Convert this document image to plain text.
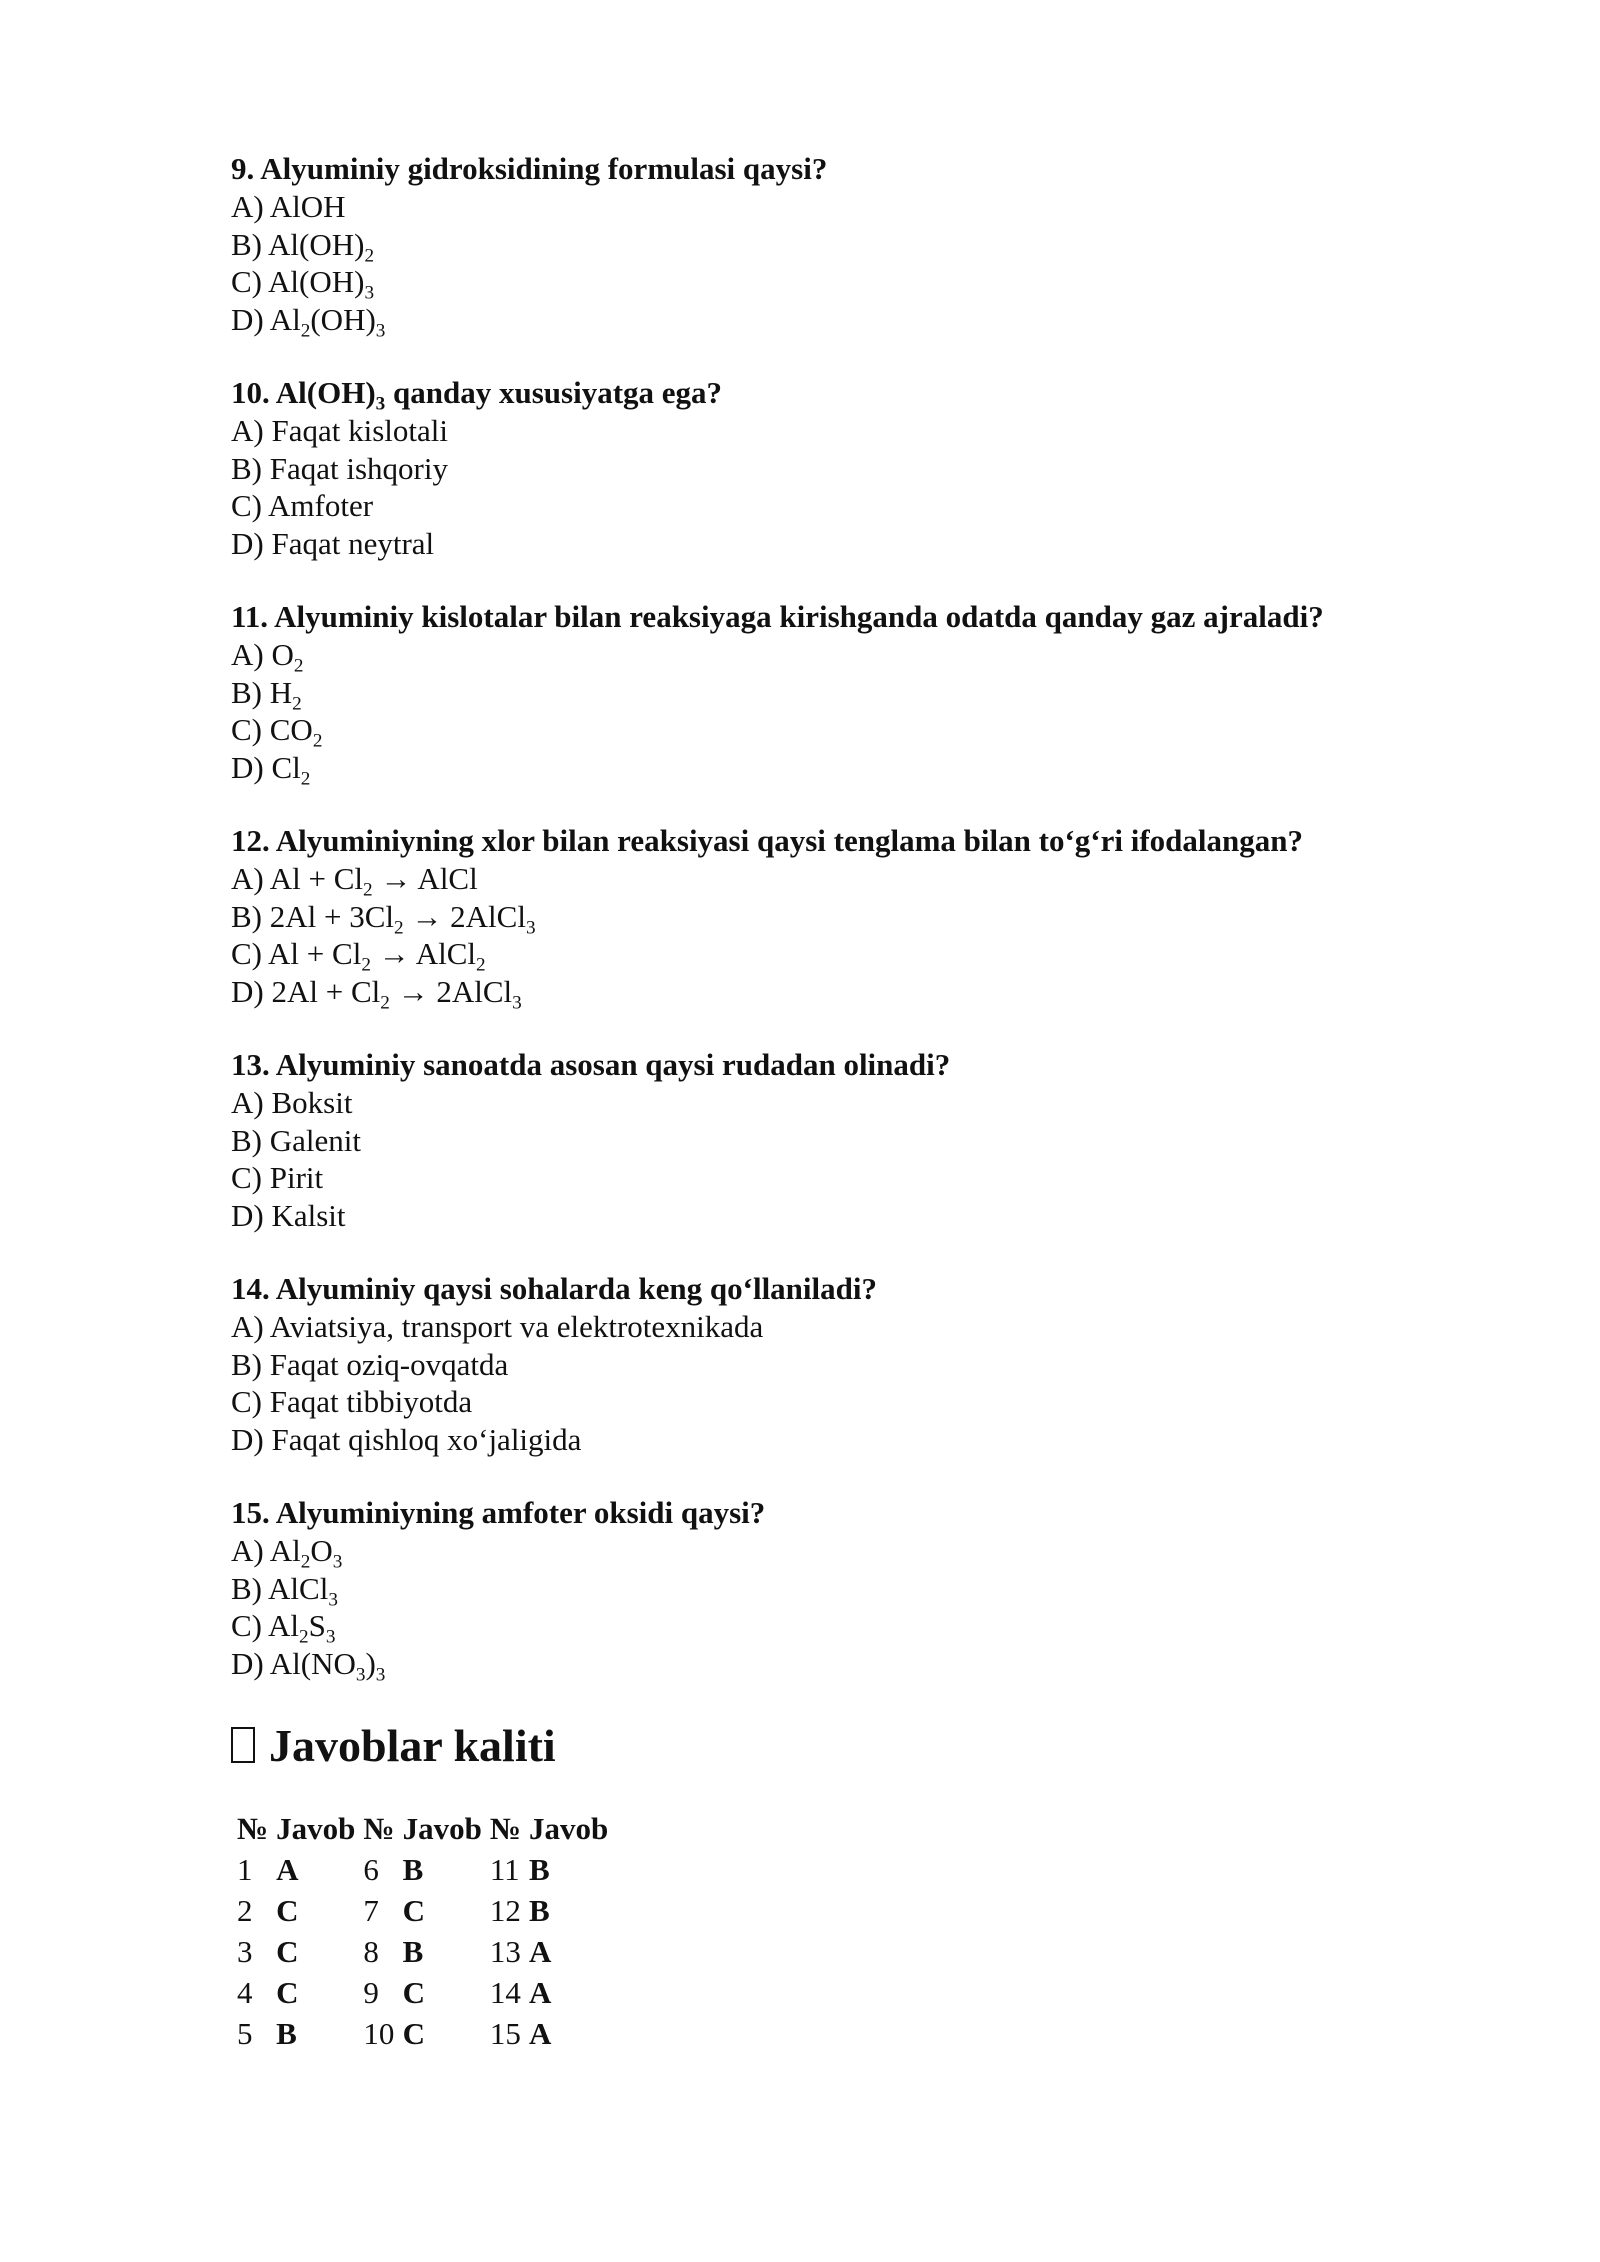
9. Alyuminiy gidroksidining formulasi qaysi?
A) AlOH
B) $Al(OH)_2$
C) $Al(OH)_3$
D) $Al_2(OH)_3$
10. $Al(OH)_3$ qanday xususiyatga ega?
A) Faqat kislotali
B) Faqat ishqoriy
C) Amfoter
D) Faqat neytral
11. Alyuminiy kislotalar bilan reaksiyaga kirishganda odatda qanday gaz ajraladi?
A) $O_2$
B) $H_2$
C) $CO_2$
D) $Cl_2$
12. Alyuminiyning xlor bilan reaksiyasi qaysi tenglama bilan to‘g‘ri ifodalangan?
A) $Al + Cl_2$ → AlCl
B) $2Al + 3Cl_2$ → 2AlCl$_3$
C) $Al + Cl_2$ → AlCl$_2$
D) $2Al + Cl_2$ → 2AlCl$_3$
13. Alyuminiy sanoatda asosan qaysi rudadan olinadi?
A) Boksit
B) Galenit
C) Pirit
D) Kalsit
14. Alyuminiy qaysi sohalarda keng qo‘llaniladi?
A) Aviatsiya, transport va elektrotexnikada
B) Faqat oziq-ovqatda
C) Faqat tibbiyotda
D) Faqat qishloq xo‘jaligida
15. Alyuminiyning amfoter oksidi qaysi?
A) $Al_2O_3$
B) AlCl$_3$
C) $Al_2S_3$
D) $Al(NO_3)_3$
Javoblar kaliti
№	Javob	№	Javob	№	Javob
1	A	6	B	11	B
2	C	7	C	12	B
3	C	8	B	13	A
4	C	9	C	14	A
5	B	10	C	15	A
